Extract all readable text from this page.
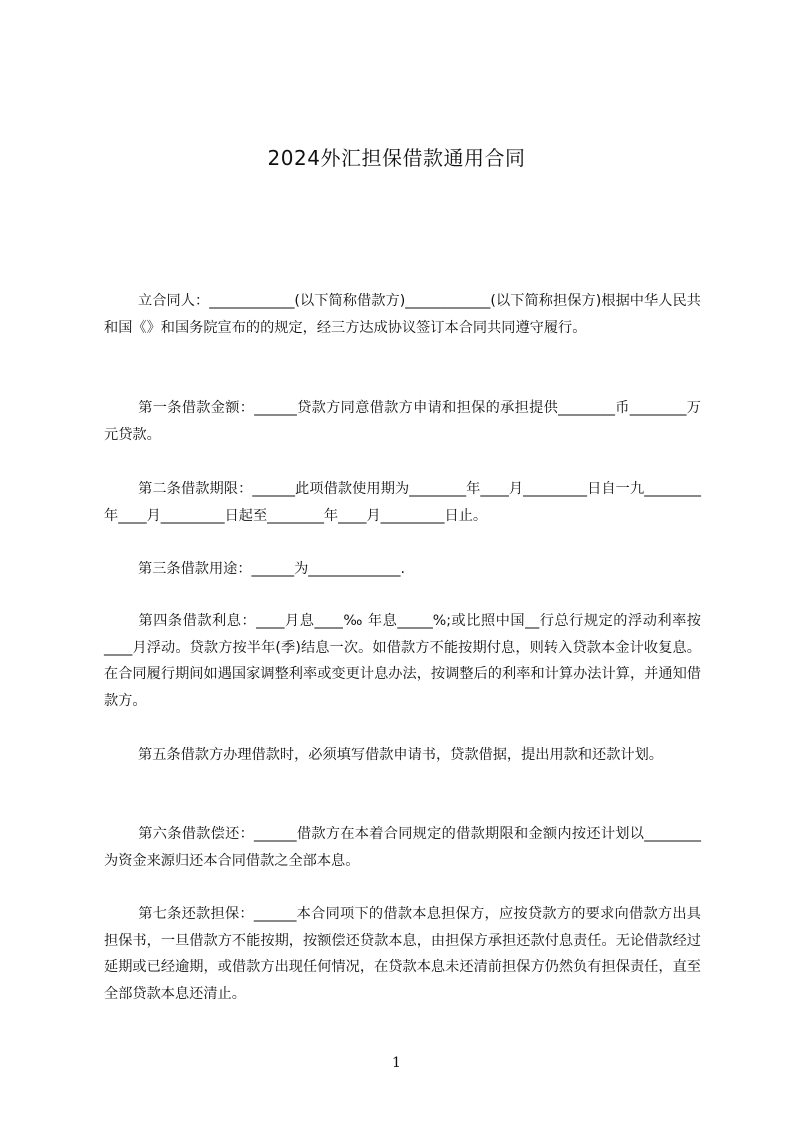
2024外汇担保借款通用合同
立合同人：____________(以下简称借款方)____________(以下简称担保方)根据中华人民共和国《》和国务院宣布的的规定，经三方达成协议签订本合同共同遵守履行。
第一条借款金额：______贷款方同意借款方申请和担保的承担提供________币________万元贷款。
第二条借款期限：______此项借款使用期为________年____月_________日自一九________年____月_________日起至________年____月_________日止。
第三条借款用途：______为_____________.
第四条借款利息：____月息____‰ 年息_____%;或比照中国__行总行规定的浮动利率按____月浮动。贷款方按半年(季)结息一次。如借款方不能按期付息，则转入贷款本金计收复息。在合同履行期间如遇国家调整利率或变更计息办法，按调整后的利率和计算办法计算，并通知借款方。
第五条借款方办理借款时，必须填写借款申请书，贷款借据，提出用款和还款计划。
第六条借款偿还：______借款方在本着合同规定的借款期限和金额内按还计划以________为资金来源归还本合同借款之全部本息。
第七条还款担保：______本合同项下的借款本息担保方，应按贷款方的要求向借款方出具担保书，一旦借款方不能按期，按额偿还贷款本息，由担保方承担还款付息责任。无论借款经过延期或已经逾期，或借款方出现任何情况，在贷款本息未还清前担保方仍然负有担保责任，直至全部贷款本息还清止。
1
